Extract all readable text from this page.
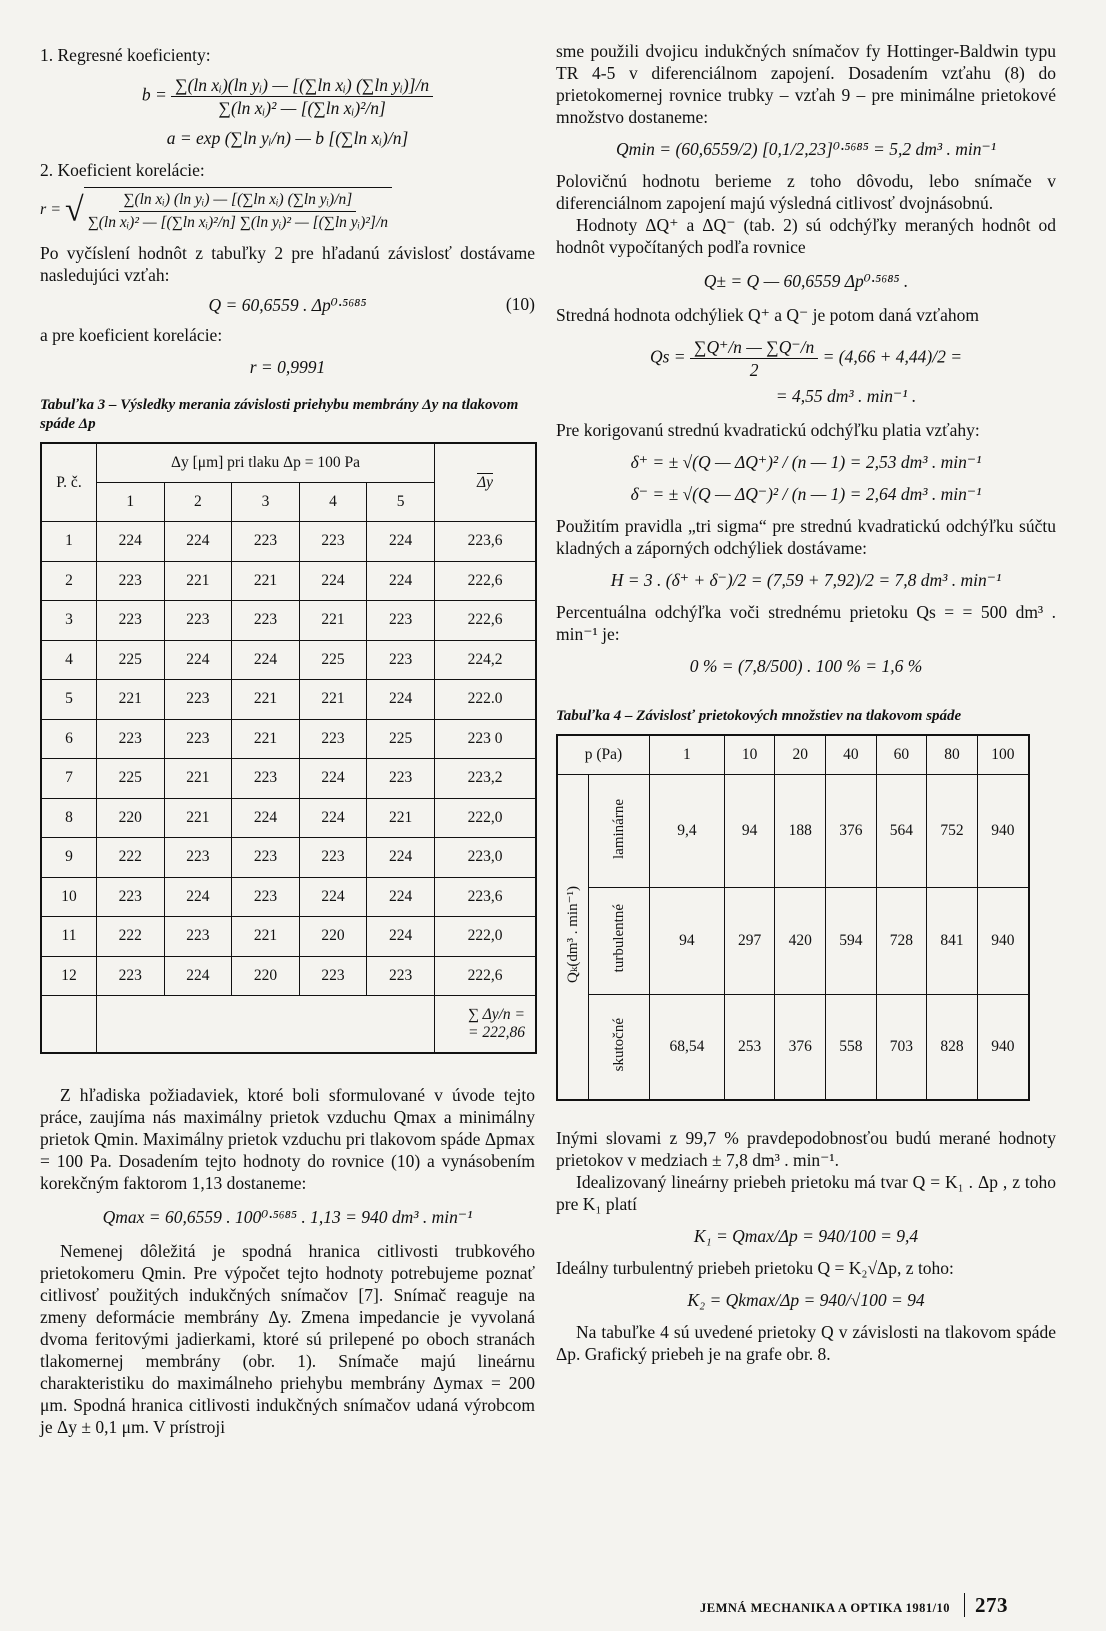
1. Regresné koeficienty:
$b = \frac{\text{∑(ln xᵢ)(ln yᵢ) — [(∑ln xᵢ) (∑ln yᵢ)]/n}}{\text{∑(ln xᵢ)² — [(∑ln xᵢ)²/n]}}$
a = exp (∑ln yᵢ/n) — b [(∑ln xᵢ)/n]
2. Koeficient korelácie:
r = √ $\frac{\text{∑(ln xᵢ) (ln yᵢ) — [(∑ln xᵢ) (∑ln yᵢ)/n]}}{\text{∑(ln xᵢ)² — [(∑ln xᵢ)²/n] ∑(ln yᵢ)² — [(∑ln yᵢ)²]/n}}$

Po vyčíslení hodnôt z tabuľky 2 pre hľadanú závislosť dostávame nasledujúci vzťah:

Q = 60,6559 . Δp⁰·⁵⁶⁸⁵	(10)

a pre koeficient korelácie:

r = 0,9991
Tabuľka 3 – Výsledky merania závislosti priehybu membrány Δy na tlakovom spáde Δp
P. č.	Δy [μm] pri tlaku Δp = 100 Pa					$\overline{\Delta y}$
	1	2	3	4	5	
1	224	224	223	223	224	223,6
2	223	221	221	224	224	222,6
3	223	223	223	221	223	222,6
4	225	224	224	225	223	224,2
5	221	223	221	221	224	222.0
6	223	223	221	223	225	223 0
7	225	221	223	224	223	223,2
8	220	221	224	224	221	222,0
9	222	223	223	223	224	223,0
10	223	224	223	224	224	223,6
11	222	223	221	220	224	222,0
12	223	224	220	223	223	222,6

						∑ Δy/n =
= 222,86

Z hľadiska požiadaviek, ktoré boli sformulované v úvode tejto práce, zaujíma nás maximálny prietok vzduchu Qmax a minimálny prietok Qmin. Maximálny prietok vzduchu pri tlakovom spáde Δpmax = 100 Pa. Dosadením tejto hodnoty do rovnice (10) a vynásobením korekčným faktorom 1,13 dostaneme:

Qmax = 60,6559 . 100⁰·⁵⁶⁸⁵ . 1,13 = 940 dm³ . min⁻¹

Nemenej dôležitá je spodná hranica citlivosti trubkového prietokomeru Qmin. Pre výpočet tejto hodnoty potrebujeme poznať citlivosť použitých indukčných snímačov [7]. Snímač reaguje na zmeny deformácie membrány Δy. Zmena impedancie je vyvolaná dvoma feritovými jadierkami, ktoré sú prilepené po oboch stranách tlakomernej membrány (obr. 1). Snímače majú lineárnu charakteristiku do maximálneho priehybu membrány Δymax = 200 μm. Spodná hranica citlivosti indukčných snímačov udaná výrobcom je Δy ± 0,1 μm. V prístroji

sme použili dvojicu indukčných snímačov fy Hottinger-Baldwin typu TR 4-5 v diferenciálnom zapojení. Dosadením vzťahu (8) do prietokomernej rovnice trubky – vzťah 9 – pre minimálne prietokové množstvo dostaneme:

Qmin = (60,6559/2) [0,1/2,23]⁰·⁵⁶⁸⁵ = 5,2 dm³ . min⁻¹

Polovičnú hodnotu berieme z toho dôvodu, lebo snímače v diferenciálnom zapojení majú výsledná citlivosť dvojnásobnú.

Hodnoty ΔQ⁺ a ΔQ⁻ (tab. 2) sú odchýľky meraných hodnôt od hodnôt vypočítaných podľa rovnice

Q± = Q — 60,6559 Δp⁰·⁵⁶⁸⁵ .

Stredná hodnota odchýliek Q⁺ a Q⁻ je potom daná vzťahom

$Qs = \frac{\sum Q^+/n — \sum Q^-/n}{2} = (4,66 + 4,44)/2$ =
= 4,55 dm³ . min⁻¹ .

Pre korigovanú strednú kvadratickú odchýľku platia vzťahy:

δ⁺ = ± √(Q — ΔQ⁺)² / (n — 1) = 2,53 dm³ . min⁻¹
δ⁻ = ± √(Q — ΔQ⁻)² / (n — 1) = 2,64 dm³ . min⁻¹

Použitím pravidla „tri sigma“ pre strednú kvadratickú odchýľku súčtu kladných a záporných odchýliek dostávame:

H = 3 . (δ⁺ + δ⁻)/2 = (7,59 + 7,92)/2 = 7,8 dm³ . min⁻¹

Percentuálna odchýľka voči strednému prietoku Qs = = 500 dm³ . min⁻¹ je:

0 % = (7,8/500) . 100 % = 1,6 %
Tabuľka 4 – Závislosť prietokových množstiev na tlakovom spáde
p (Pa)		1	10	20	40	60	80	100
Qₖ(dm³ . min⁻¹)	laminárne	9,4	94	188	376	564	752	940
	turbulentné	94	297	420	594	728	841	940
	skutočné	68,54	253	376	558	703	828	940

Inými slovami z 99,7 % pravdepodobnosťou budú merané hodnoty prietokov v medziach ± 7,8 dm³ . min⁻¹.

Idealizovaný lineárny priebeh prietoku má tvar Q = K₁ . Δp , z toho pre K₁ platí

K₁ = Qmax/Δp = 940/100 = 9,4

Ideálny turbulentný priebeh prietoku Q = K₂√Δp, z toho:

K₂ = Qkmax/Δp = 940/√100 = 94

Na tabuľke 4 sú uvedené prietoky Q v závislosti na tlakovom spáde Δp. Grafický priebeh je na grafe obr. 8.

JEMNÁ MECHANIKA A OPTIKA 1981/10 273
